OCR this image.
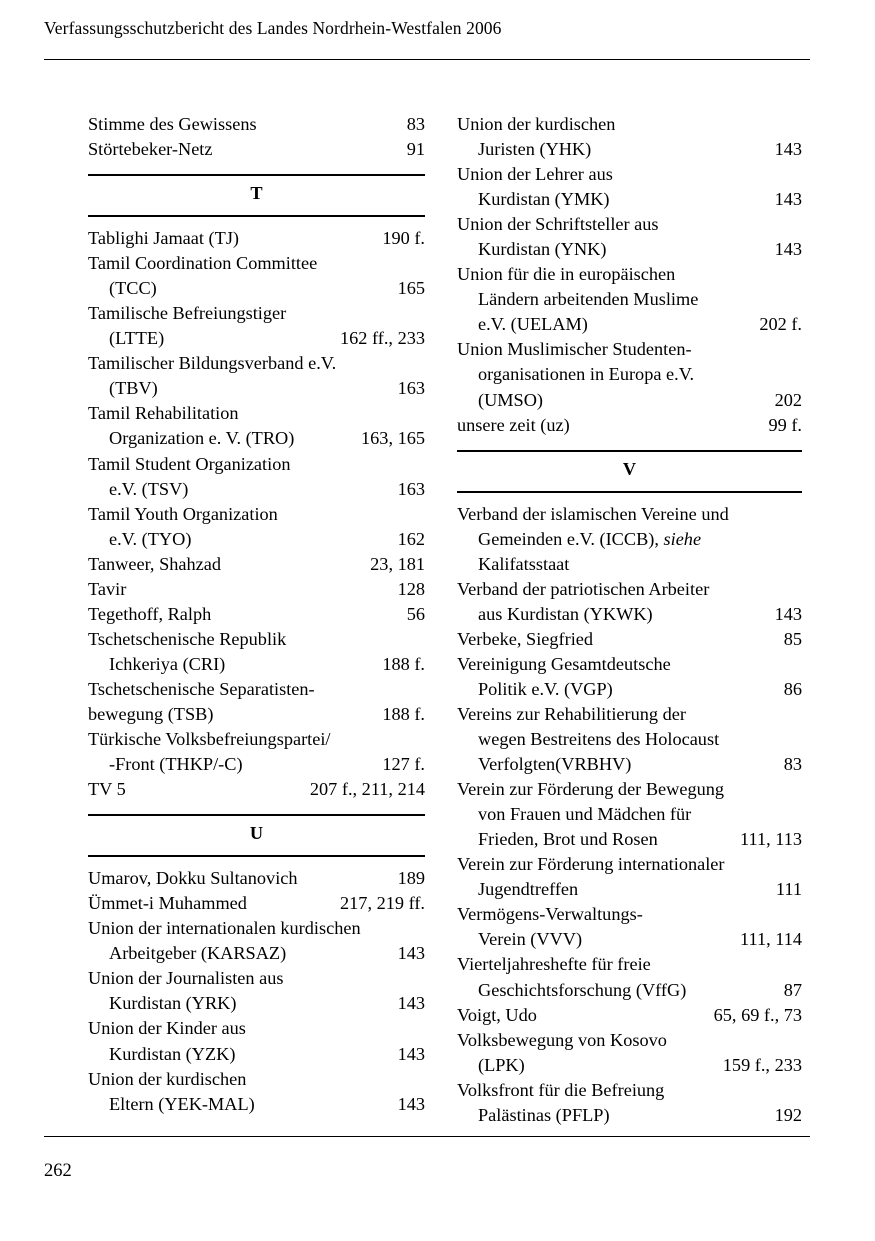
Verfassungsschutzbericht des Landes Nordrhein-Westfalen 2006
Stimme des Gewissens	83
Störtebeker-Netz	91
T
Tablighi Jamaat (TJ)	190 f.
Tamil Coordination Committee
(TCC)	165
Tamilische Befreiungstiger
(LTTE)	162 ff., 233
Tamilischer Bildungsverband e.V.
(TBV)	163
Tamil Rehabilitation
Organization e. V. (TRO)	163, 165
Tamil Student Organization
e.V. (TSV)	163
Tamil Youth Organization
e.V. (TYO)	162
Tanweer, Shahzad	23, 181
Tavir	128
Tegethoff, Ralph	56
Tschetschenische Republik
Ichkeriya (CRI)	188 f.
Tschetschenische Separatisten-
bewegung (TSB)	188 f.
Türkische Volksbefreiungspartei/
-Front (THKP/-C)	127 f.
TV 5	207 f., 211, 214
U
Umarov, Dokku Sultanovich	189
Ümmet-i Muhammed	217, 219 ff.
Union der internationalen kurdischen
Arbeitgeber (KARSAZ)	143
Union der Journalisten aus
Kurdistan (YRK)	143
Union der Kinder aus
Kurdistan (YZK)	143
Union der kurdischen
Eltern (YEK-MAL)	143
Union der kurdischen
Juristen (YHK)	143
Union der Lehrer aus
Kurdistan (YMK)	143
Union der Schriftsteller aus
Kurdistan (YNK)	143
Union für die in europäischen
Ländern arbeitenden Muslime
e.V. (UELAM)	202 f.
Union Muslimischer Studenten-
organisationen in Europa e.V.
(UMSO)	202
unsere zeit (uz)	99 f.
V
Verband der islamischen Vereine und
Gemeinden e.V. (ICCB), siehe
Kalifatsstaat
Verband der patriotischen Arbeiter
aus Kurdistan (YKWK)	143
Verbeke, Siegfried	85
Vereinigung Gesamtdeutsche
Politik e.V. (VGP)	86
Vereins zur Rehabilitierung der
wegen Bestreitens des Holocaust
Verfolgten(VRBHV)	83
Verein zur Förderung der Bewegung
von Frauen und Mädchen für
Frieden, Brot und Rosen	111, 113
Verein zur Förderung internationaler
Jugendtreffen	111
Vermögens-Verwaltungs-
Verein (VVV)	111, 114
Vierteljahreshefte für freie
Geschichtsforschung (VffG)	87
Voigt, Udo	65, 69 f., 73
Volksbewegung von Kosovo
(LPK)	159 f., 233
Volksfront für die Befreiung
Palästinas (PFLP)	192
262
